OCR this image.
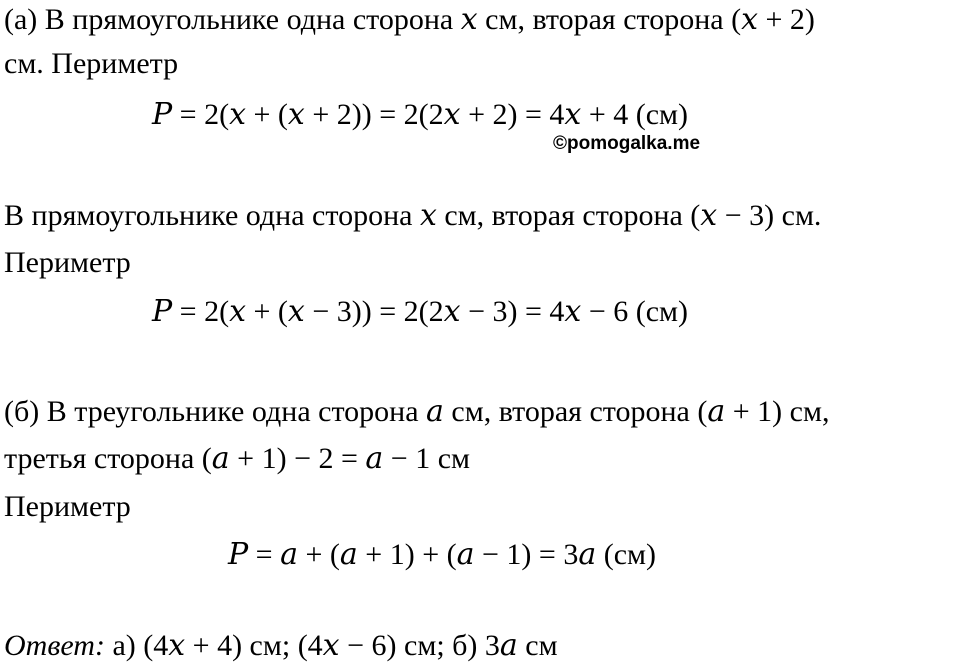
(а) В прямоугольнике одна сторона 𝑥 см, вторая сторона (𝑥 + 2)
см. Периметр
𝑃 = 2(𝑥 + (𝑥 + 2)) = 2(2𝑥 + 2) = 4𝑥 + 4 (см)
©pomogalka.me
В прямоугольнике одна сторона 𝑥 см, вторая сторона (𝑥 − 3) см.
Периметр
𝑃 = 2(𝑥 + (𝑥 − 3)) = 2(2𝑥 − 3) = 4𝑥 − 6 (см)
(б) В треугольнике одна сторона 𝑎 см, вторая сторона (𝑎 + 1) см,
третья сторона (𝑎 + 1) − 2 = 𝑎 − 1 см
Периметр
𝑃 = 𝑎 + (𝑎 + 1) + (𝑎 − 1) = 3𝑎 (см)
Ответ: а) (4𝑥 + 4) см; (4𝑥 − 6) см; б) 3𝑎 см
